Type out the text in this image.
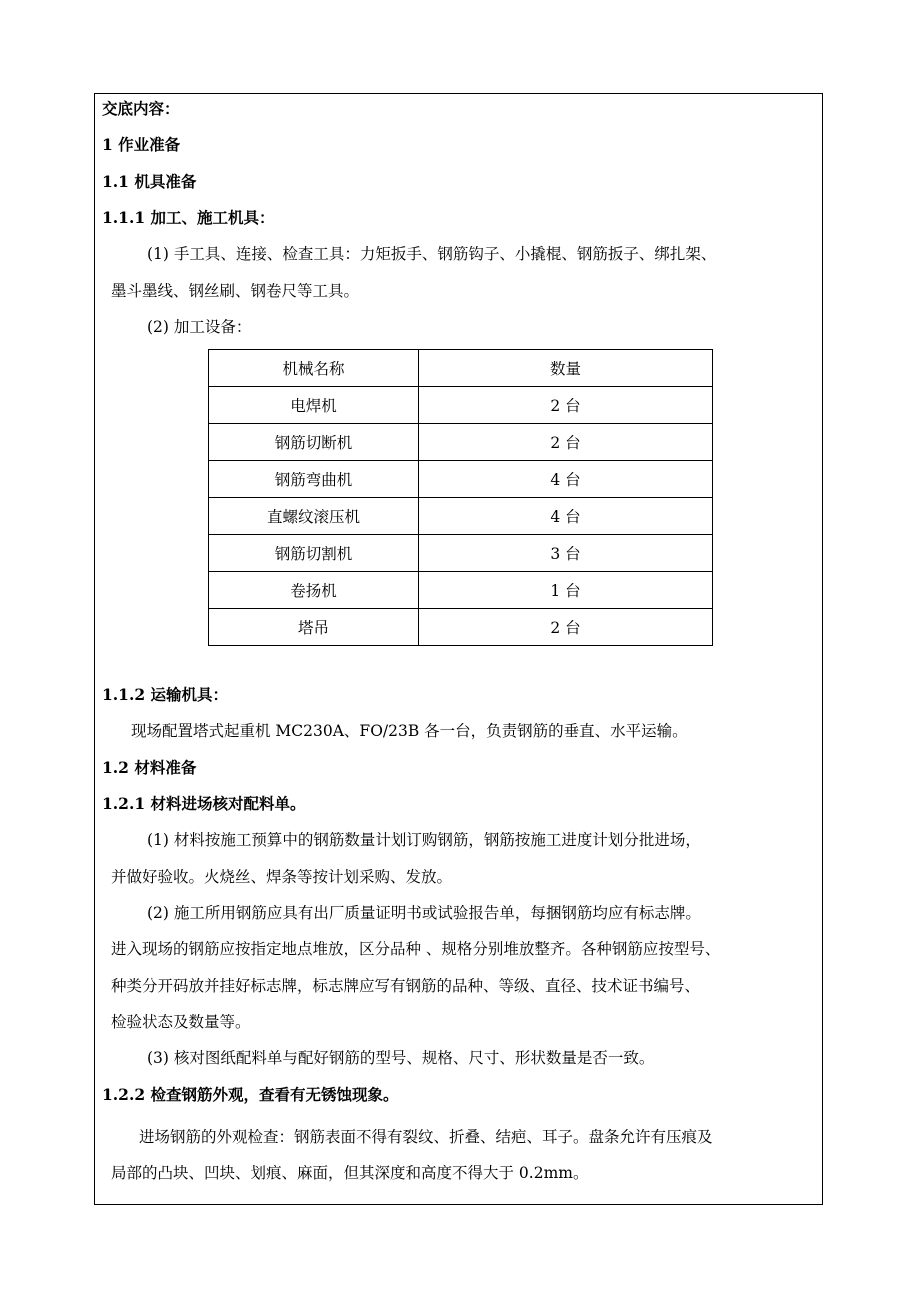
交底内容：
1 作业准备
1.1 机具准备
1.1.1 加工、施工机具：
(1) 手工具、连接、检查工具：力矩扳手、钢筋钩子、小撬棍、钢筋扳子、绑扎架、
墨斗墨线、钢丝刷、钢卷尺等工具。
(2) 加工设备：
机械名称	数量
电焊机	2 台
钢筋切断机	2 台
钢筋弯曲机	4 台
直螺纹滚压机	4 台
钢筋切割机	3 台
卷扬机	1 台
塔吊	2 台
1.1.2 运输机具：
现场配置塔式起重机 MC230A、FO/23B 各一台，负责钢筋的垂直、水平运输。
1.2 材料准备
1.2.1 材料进场核对配料单。
(1) 材料按施工预算中的钢筋数量计划订购钢筋，钢筋按施工进度计划分批进场，
并做好验收。火烧丝、焊条等按计划采购、发放。
(2) 施工所用钢筋应具有出厂质量证明书或试验报告单，每捆钢筋均应有标志牌。
进入现场的钢筋应按指定地点堆放，区分品种 、规格分别堆放整齐。各种钢筋应按型号、
种类分开码放并挂好标志牌，标志牌应写有钢筋的品种、等级、直径、技术证书编号、
检验状态及数量等。
(3) 核对图纸配料单与配好钢筋的型号、规格、尺寸、形状数量是否一致。
1.2.2 检查钢筋外观，查看有无锈蚀现象。
进场钢筋的外观检查：钢筋表面不得有裂纹、折叠、结疤、耳子。盘条允许有压痕及
局部的凸块、凹块、划痕、麻面，但其深度和高度不得大于 0.2mm。
